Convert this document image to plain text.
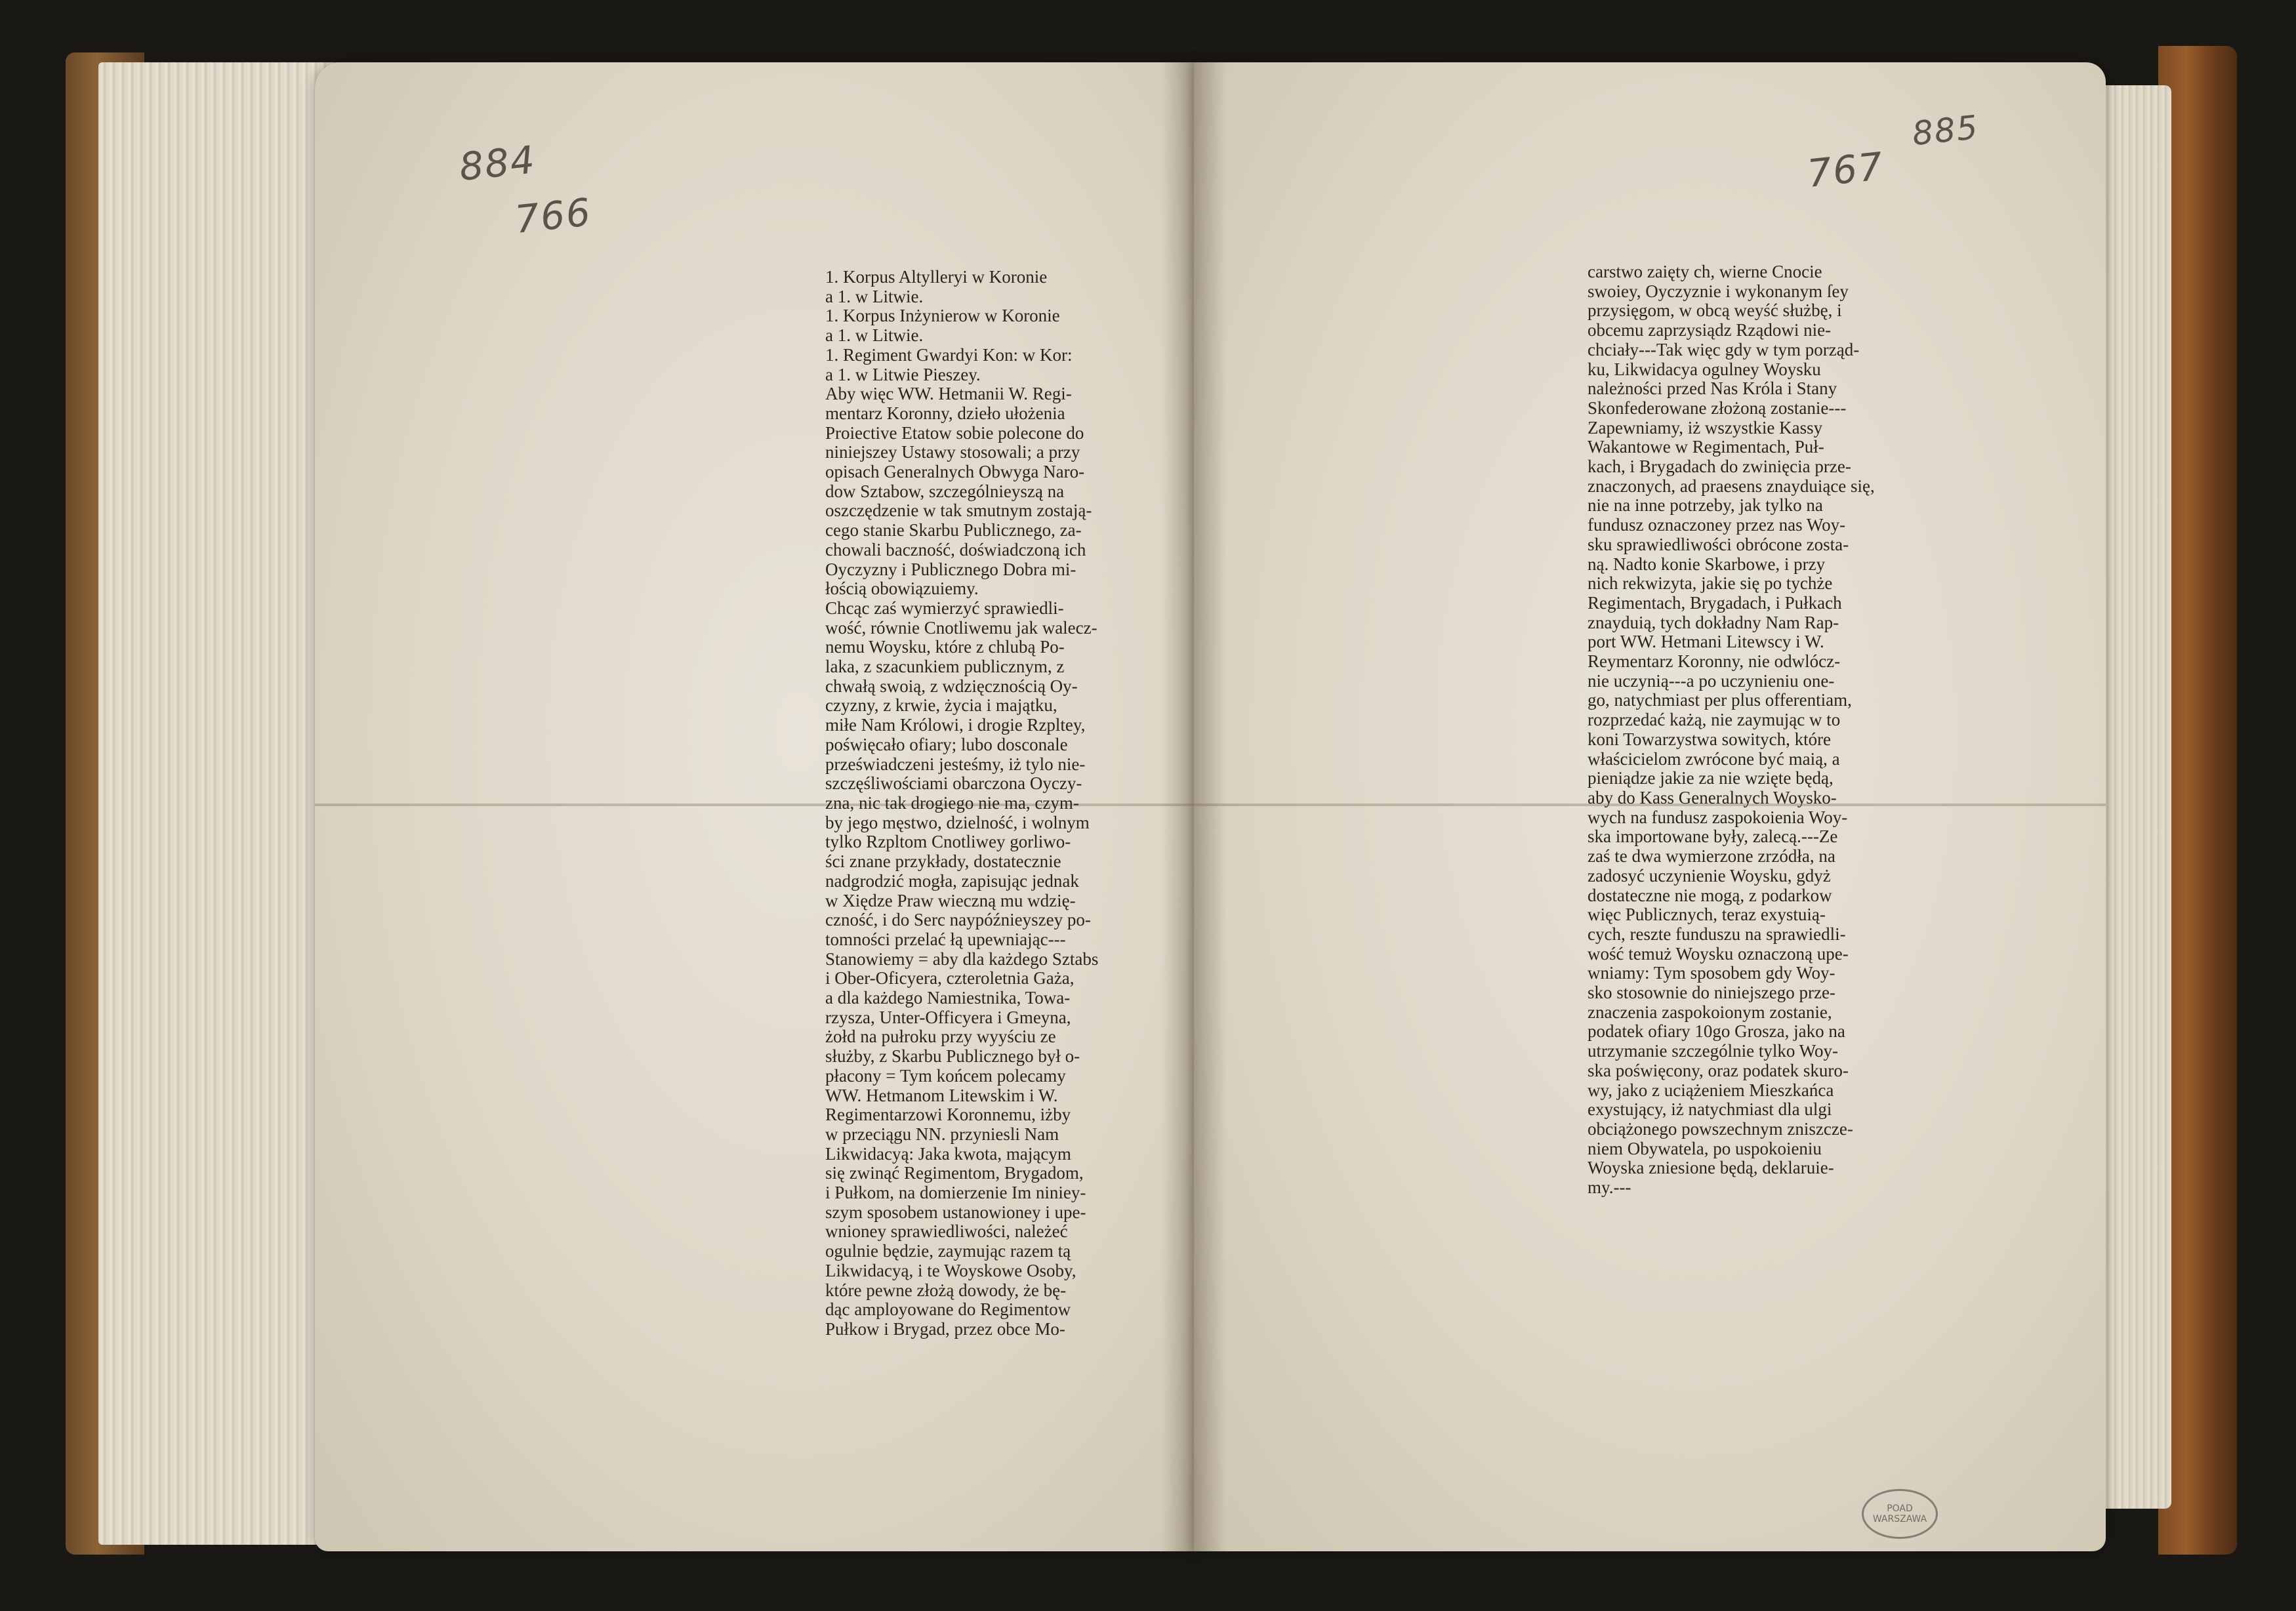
884
766
767
885
1. Korpus Altylleryi w Koronie
a 1. w Litwie.
1. Korpus Inżynierow w Koronie
a 1. w Litwie.
1. Regiment Gwardyi Kon: w Kor:
a 1. w Litwie Pieszey.
Aby więc WW. Hetmanii W. Regi-
mentarz Koronny, dzieło ułożenia
Proiective Etatow sobie polecone do
niniejszey Ustawy stosowali; a przy
opisach Generalnych Obwyga Naro-
dow Sztabow, szczególnieyszą na
oszczędzenie w tak smutnym zostają-
cego stanie Skarbu Publicznego, za-
chowali baczność, doświadczoną ich
Oyczyzny i Publicznego Dobra mi-
łością obowiązuiemy.
Chcąc zaś wymierzyć sprawiedli-
wość, równie Cnotliwemu jak walecz-
nemu Woysku, które z chlubą Po-
laka, z szacunkiem publicznym, z
chwałą swoią, z wdzięcznością Oy-
czyzny, z krwie, życia i majątku,
miłe Nam Królowi, i drogie Rzpltey,
poświęcało ofiary; lubo dosconale
przeświadczeni jesteśmy, iż tylo nie-
szczęśliwościami obarczona Oyczy-
zna, nic tak drogiego nie ma, czym-
by jego męstwo, dzielność, i wolnym
tylko Rzpltom Cnotliwey gorliwo-
ści znane przykłady, dostatecznie
nadgrodzić mogła, zapisując jednak
w Xiędze Praw wieczną mu wdzię-
czność, i do Serc naypóźnieyszey po-
tomności przelać łą upewniając---
Stanowiemy = aby dla każdego Sztabs
i Ober-Oficyera, czteroletnia Gaża,
a dla każdego Namiestnika, Towa-
rzysza, Unter-Officyera i Gmeyna,
żołd na pułroku przy wyyściu ze
służby, z Skarbu Publicznego był o-
płacony = Tym końcem polecamy
WW. Hetmanom Litewskim i W.
Regimentarzowi Koronnemu, iżby
w przeciągu NN. przyniesli Nam
Likwidacyą: Jaka kwota, mającym
się zwinąć Regimentom, Brygadom,
i Pułkom, na domierzenie Im niniey-
szym sposobem ustanowioney i upe-
wnioney sprawiedliwości, należeć
ogulnie będzie, zaymując razem tą
Likwidacyą, i te Woyskowe Osoby,
które pewne złożą dowody, że bę-
dąc amployowane do Regimentow
Pułkow i Brygad, przez obce Mo-
carstwo zaięty ch, wierne Cnocie
swoiey, Oyczyznie i wykonanym ſey
przysięgom, w obcą weyść służbę, i
obcemu zaprzysiądz Rządowi nie-
chciały---Tak więc gdy w tym porząd-
ku, Likwidacya ogulney Woysku
należności przed Nas Króla i Stany
Skonfederowane złożoną zostanie---
Zapewniamy, iż wszystkie Kassy
Wakantowe w Regimentach, Puł-
kach, i Brygadach do zwinięcia prze-
znaczonych, ad praesens znayduiące się,
nie na inne potrzeby, jak tylko na
fundusz oznaczoney przez nas Woy-
sku sprawiedliwości obrócone zosta-
ną. Nadto konie Skarbowe, i przy
nich rekwizyta, jakie się po tychże
Regimentach, Brygadach, i Pułkach
znayduią, tych dokładny Nam Rap-
port WW. Hetmani Litewscy i W.
Reymentarz Koronny, nie odwlócz-
nie uczynią---a po uczynieniu one-
go, natychmiast per plus offerentiam,
rozprzedać każą, nie zaymując w to
koni Towarzystwa sowitych, które
właścicielom zwrócone być maią, a
pieniądze jakie za nie wzięte będą,
aby do Kass Generalnych Woysko-
wych na fundusz zaspokoienia Woy-
ska importowane były, zalecą.---Ze
zaś te dwa wymierzone zrzódła, na
zadosyć uczynienie Woysku, gdyż
dostateczne nie mogą, z podarkow
więc Publicznych, teraz exystuią-
cych, reszte funduszu na sprawiedli-
wość temuż Woysku oznaczoną upe-
wniamy: Tym sposobem gdy Woy-
sko stosownie do niniejszego prze-
znaczenia zaspokoionym zostanie,
podatek ofiary 10go Grosza, jako na
utrzymanie szczególnie tylko Woy-
ska poświęcony, oraz podatek skuro-
wy, jako z uciążeniem Mieszkańca
exystujący, iż natychmiast dla ulgi
obciążonego powszechnym zniszcze-
niem Obywatela, po uspokoieniu
Woyska zniesione będą, deklaruie-
my.---
POAD
WARSZAWA
